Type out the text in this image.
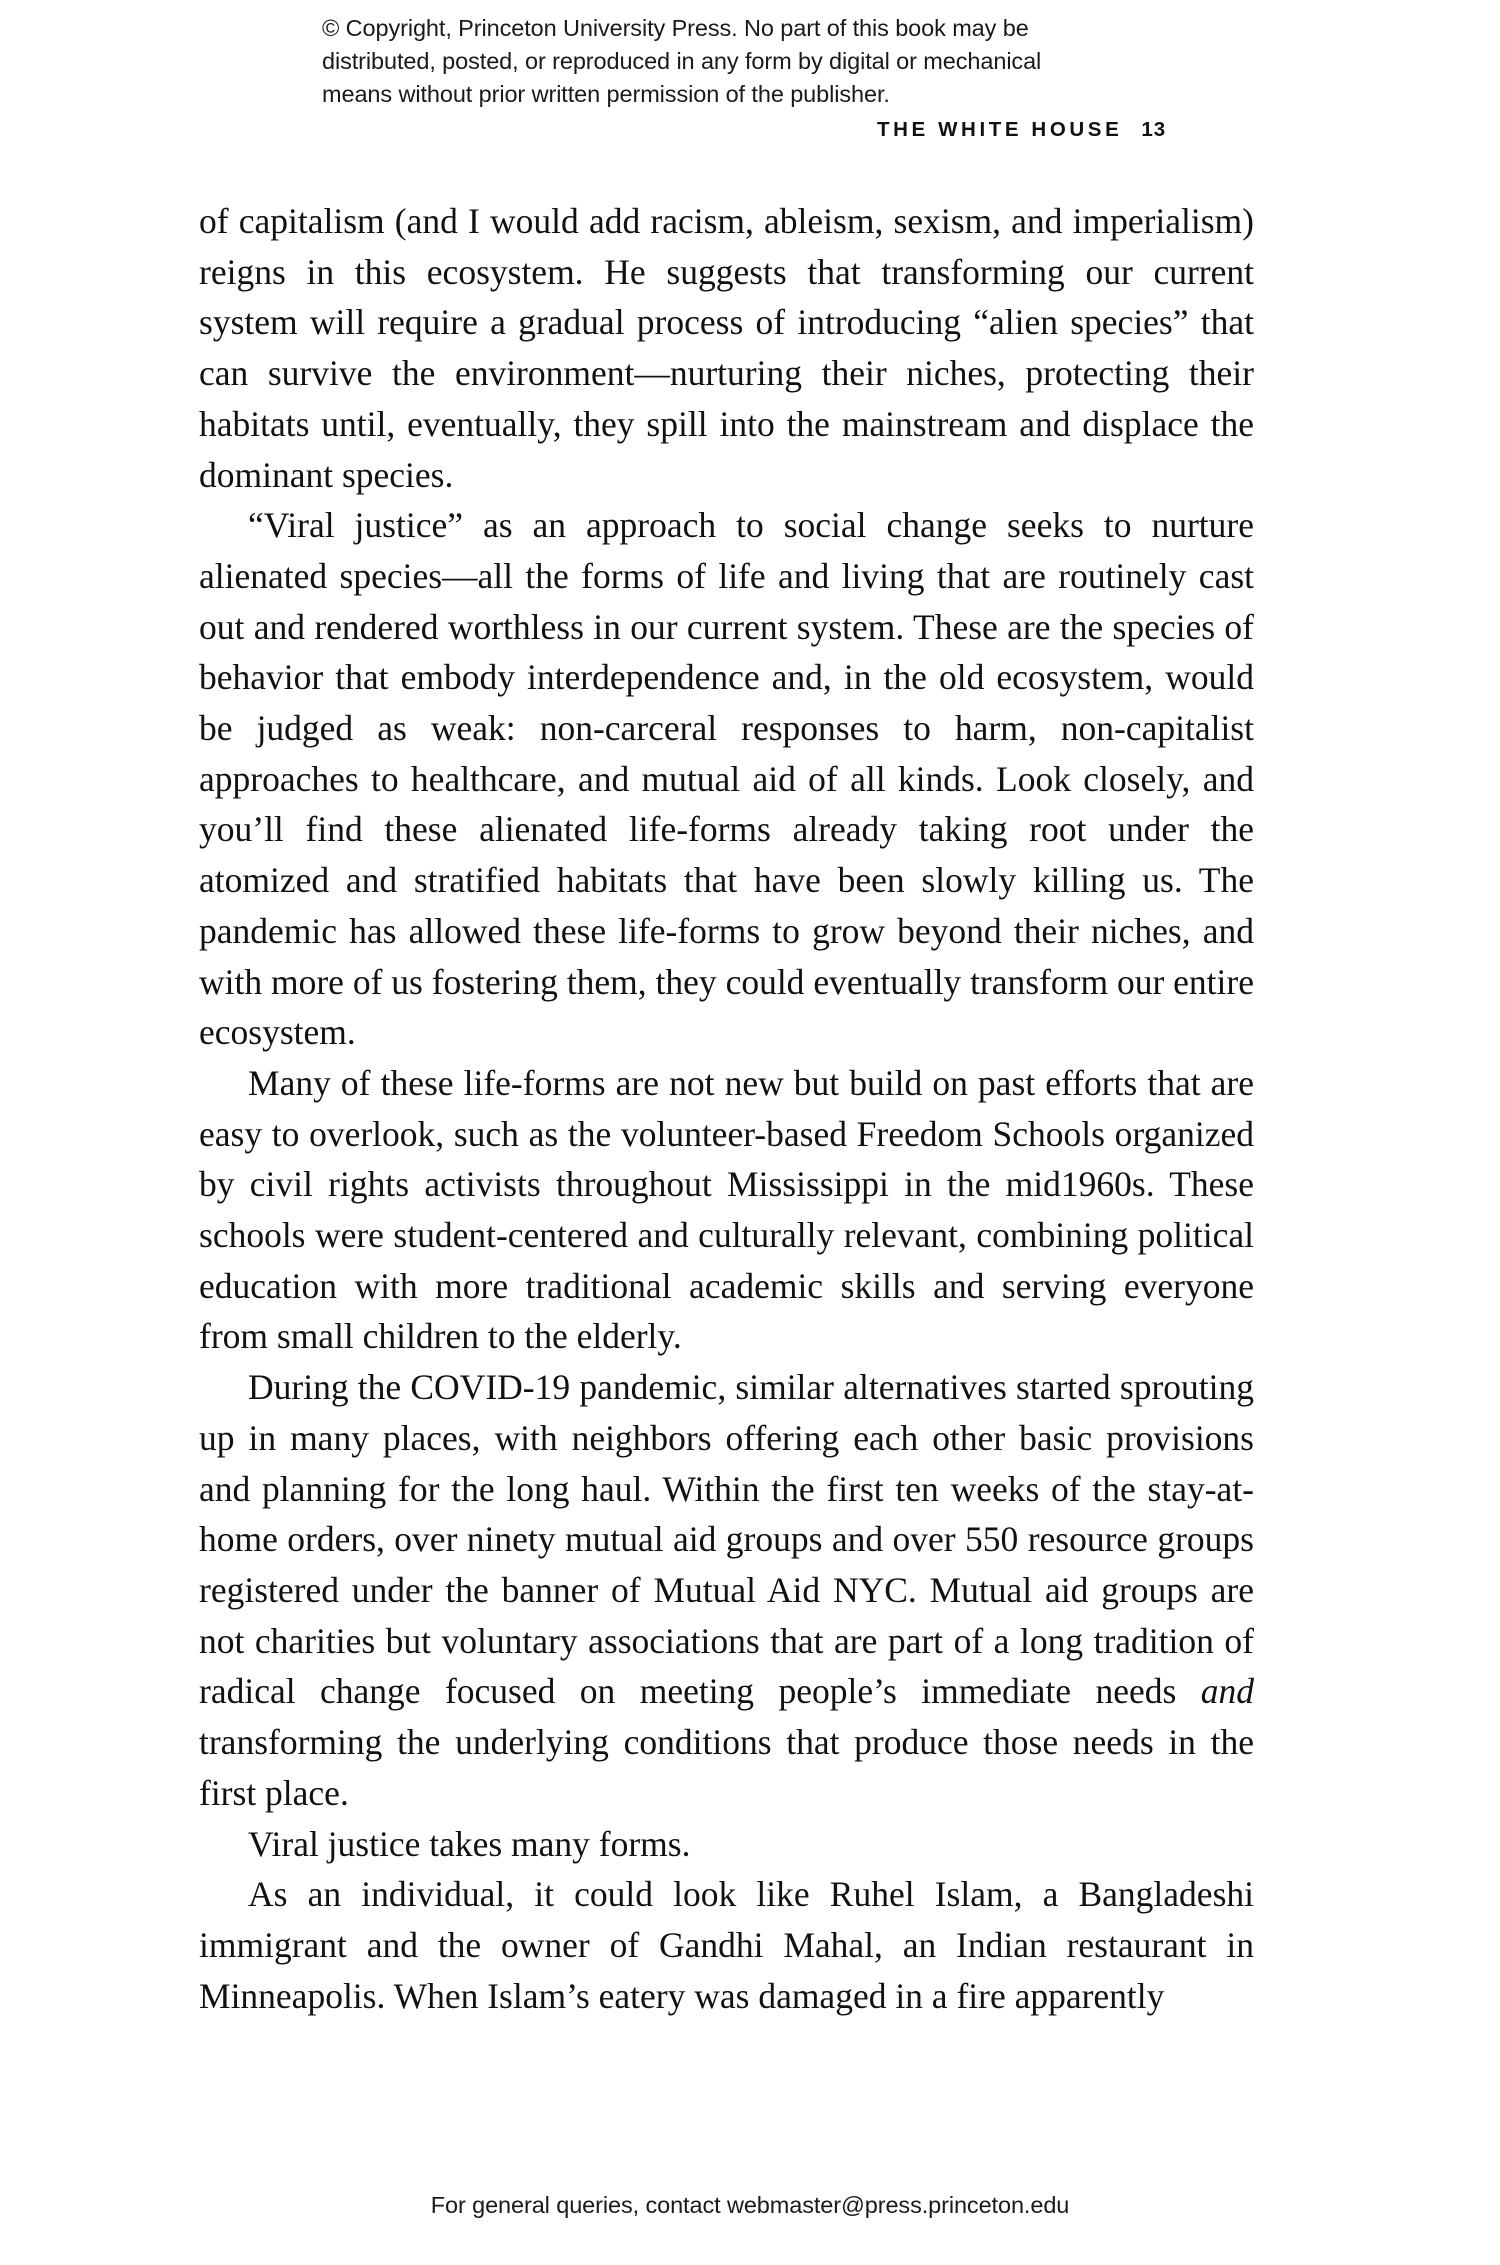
© Copyright, Princeton University Press. No part of this book may be
distributed, posted, or reproduced in any form by digital or mechanical
means without prior written permission of the publisher.
THE WHITE HOUSE 13

of capitalism (and I would add racism, ableism, sexism, and imperialism) reigns in this ecosystem. He suggests that transforming our current system will require a gradual process of introducing “alien species” that can survive the environment—nurturing their niches, protecting their habitats until, eventually, they spill into the mainstream and displace the dominant species.

“Viral justice” as an approach to social change seeks to nurture alienated species—all the forms of life and living that are routinely cast out and rendered worthless in our current system. These are the species of behavior that embody interdependence and, in the old ecosystem, would be judged as weak: non-carceral responses to harm, non-capitalist approaches to healthcare, and mutual aid of all kinds. Look closely, and you’ll find these alienated life-forms already taking root under the atomized and stratified habitats that have been slowly killing us. The pandemic has allowed these life-forms to grow beyond their niches, and with more of us fostering them, they could eventually transform our entire ecosystem.

Many of these life-forms are not new but build on past efforts that are easy to overlook, such as the volunteer-based Freedom Schools organized by civil rights activists throughout Mississippi in the mid1960s. These schools were student-centered and culturally relevant, combining political education with more traditional academic skills and serving everyone from small children to the elderly.

During the COVID-19 pandemic, similar alternatives started sprouting up in many places, with neighbors offering each other basic provisions and planning for the long haul. Within the first ten weeks of the stay-at-home orders, over ninety mutual aid groups and over 550 resource groups registered under the banner of Mutual Aid NYC. Mutual aid groups are not charities but voluntary associations that are part of a long tradition of radical change focused on meeting people’s immediate needs and transforming the underlying conditions that produce those needs in the first place.

Viral justice takes many forms.

As an individual, it could look like Ruhel Islam, a Bangladeshi immigrant and the owner of Gandhi Mahal, an Indian restaurant in Minneapolis. When Islam’s eatery was damaged in a fire apparently

For general queries, contact webmaster@press.princeton.edu
